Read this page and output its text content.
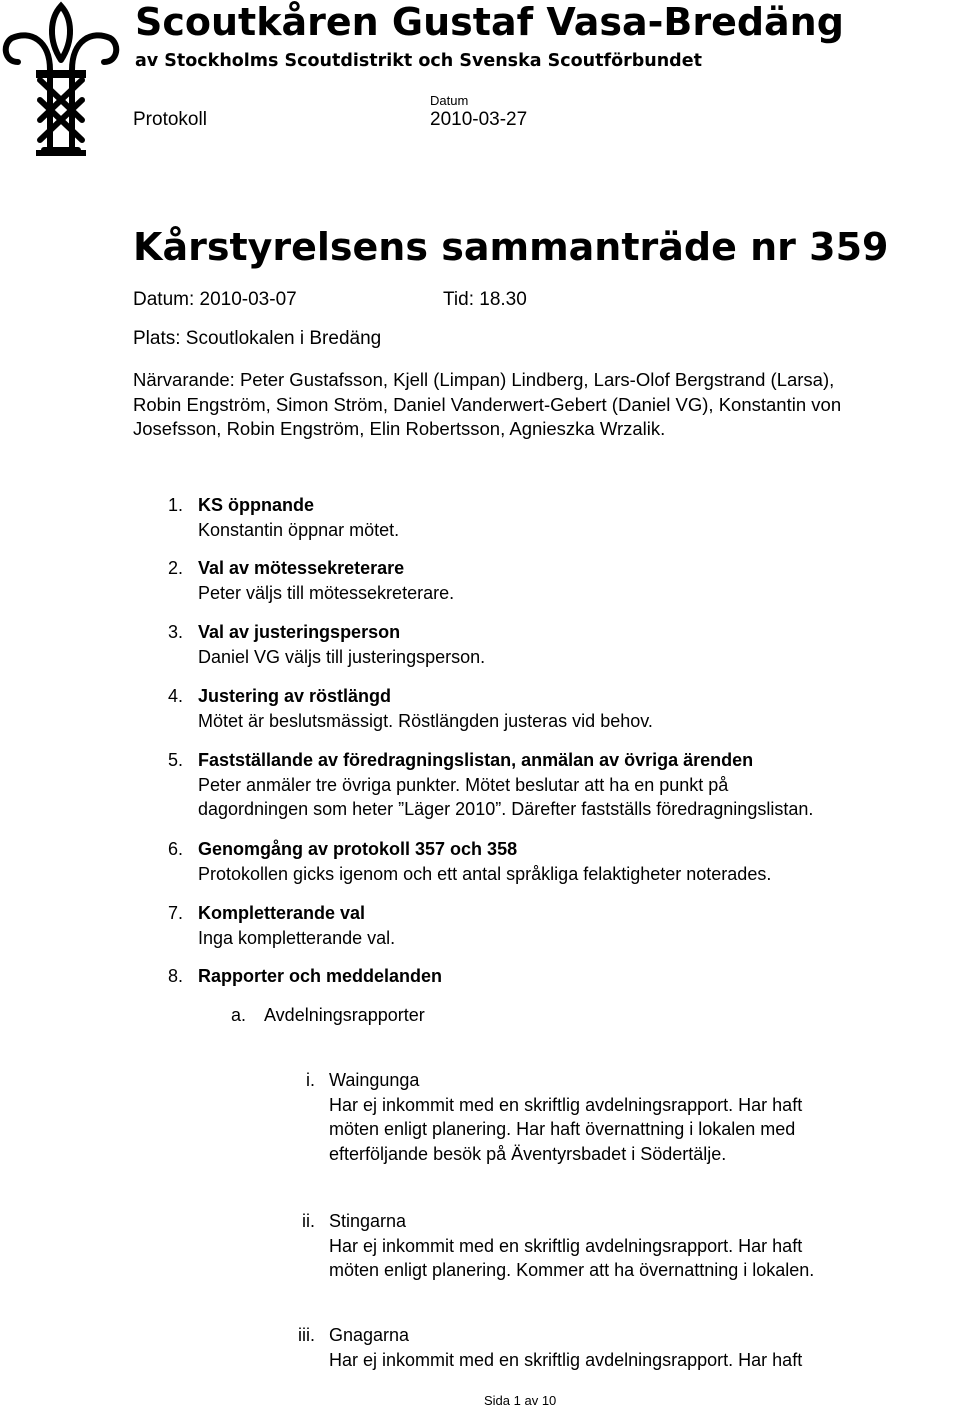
Scoutkåren Gustaf Vasa-Bredäng
av Stockholms Scoutdistrikt och Svenska Scoutförbundet
Datum
Protokoll	2010-03-27
Kårstyrelsens sammanträde nr 359
Datum: 2010-03-07	Tid: 18.30
Plats: Scoutlokalen i Bredäng
Närvarande: Peter Gustafsson, Kjell (Limpan) Lindberg, Lars-Olof Bergstrand (Larsa),
Robin Engström, Simon Ström, Daniel Vanderwert-Gebert (Daniel VG), Konstantin von
Josefsson, Robin Engström, Elin Robertsson, Agnieszka Wrzalik.
1. KS öppnande
Konstantin öppnar mötet.
2. Val av mötessekreterare
Peter väljs till mötessekreterare.
3. Val av justeringsperson
Daniel VG väljs till justeringsperson.
4. Justering av röstlängd
Mötet är beslutsmässigt. Röstlängden justeras vid behov.
5. Fastställande av föredragningslistan, anmälan av övriga ärenden
Peter anmäler tre övriga punkter. Mötet beslutar att ha en punkt på
dagordningen som heter ”Läger 2010”. Därefter fastställs föredragningslistan.
6. Genomgång av protokoll 357 och 358
Protokollen gicks igenom och ett antal språkliga felaktigheter noterades.
7. Kompletterande val
Inga kompletterande val.
8. Rapporter och meddelanden
a. Avdelningsrapporter
i. Waingunga
Har ej inkommit med en skriftlig avdelningsrapport. Har haft
möten enligt planering. Har haft övernattning i lokalen med
efterföljande besök på Äventyrsbadet i Södertälje.
ii. Stingarna
Har ej inkommit med en skriftlig avdelningsrapport. Har haft
möten enligt planering. Kommer att ha övernattning i lokalen.
iii. Gnagarna
Har ej inkommit med en skriftlig avdelningsrapport. Har haft
Sida 1 av 10
